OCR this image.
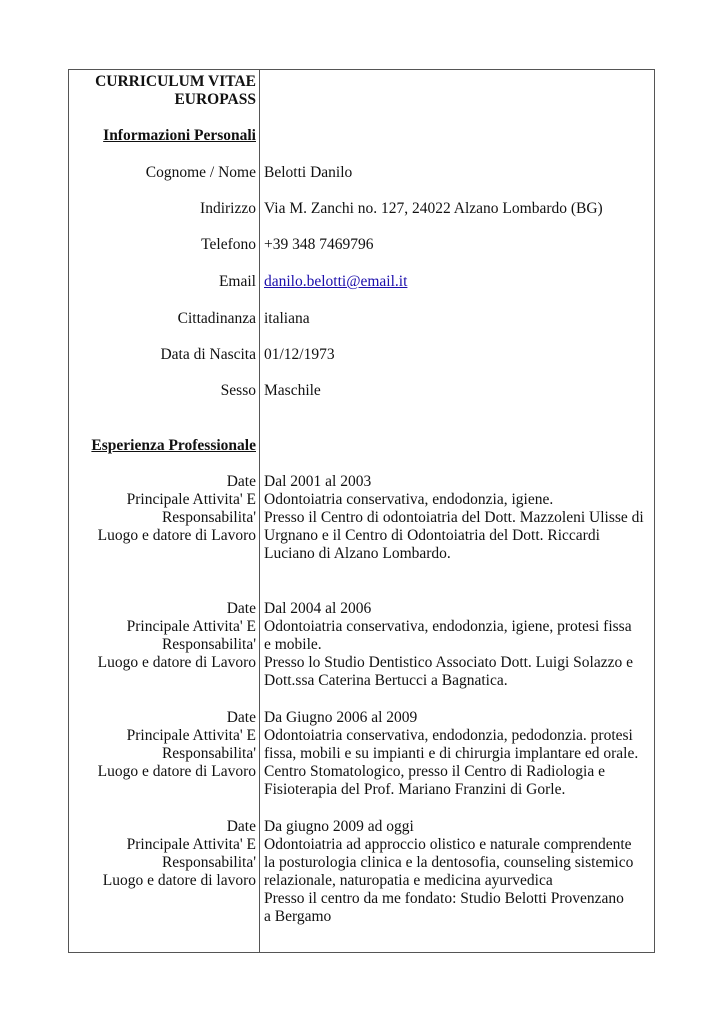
CURRICULUM VITAE
EUROPASS
Informazioni Personali
Cognome / Nome Belotti Danilo
Indirizzo Via M. Zanchi no. 127, 24022 Alzano Lombardo (BG)
Telefono +39 348 7469796
Email danilo.belotti@email.it
Cittadinanza italiana
Data di Nascita 01/12/1973
Sesso Maschile
Esperienza Professionale
Date
Principale Attivita' E
Responsabilita'
Luogo e datore di Lavoro
Dal 2001 al 2003
Odontoiatria conservativa, endodonzia, igiene.
Presso il Centro di odontoiatria del Dott. Mazzoleni Ulisse di
Urgnano e il Centro di Odontoiatria del Dott. Riccardi
Luciano di Alzano Lombardo.
Date
Principale Attivita' E
Responsabilita'
Luogo e datore di Lavoro
Dal 2004 al 2006
Odontoiatria conservativa, endodonzia, igiene, protesi fissa
e mobile.
Presso lo Studio Dentistico Associato Dott. Luigi Solazzo e
Dott.ssa Caterina Bertucci a Bagnatica.
Date
Principale Attivita' E
Responsabilita'
Luogo e datore di Lavoro
Da Giugno 2006 al 2009
Odontoiatria conservativa, endodonzia, pedodonzia. protesi
fissa, mobili e su impianti e di chirurgia implantare ed orale.
Centro Stomatologico, presso il Centro di Radiologia e
Fisioterapia del Prof. Mariano Franzini di Gorle.
Date
Principale Attivita' E
Responsabilita'
Luogo e datore di lavoro
Da giugno 2009 ad oggi
Odontoiatria ad approccio olistico e naturale comprendente
la posturologia clinica e la dentosofia, counseling sistemico
relazionale, naturopatia e medicina ayurvedica
Presso il centro da me fondato: Studio Belotti Provenzano
a Bergamo
